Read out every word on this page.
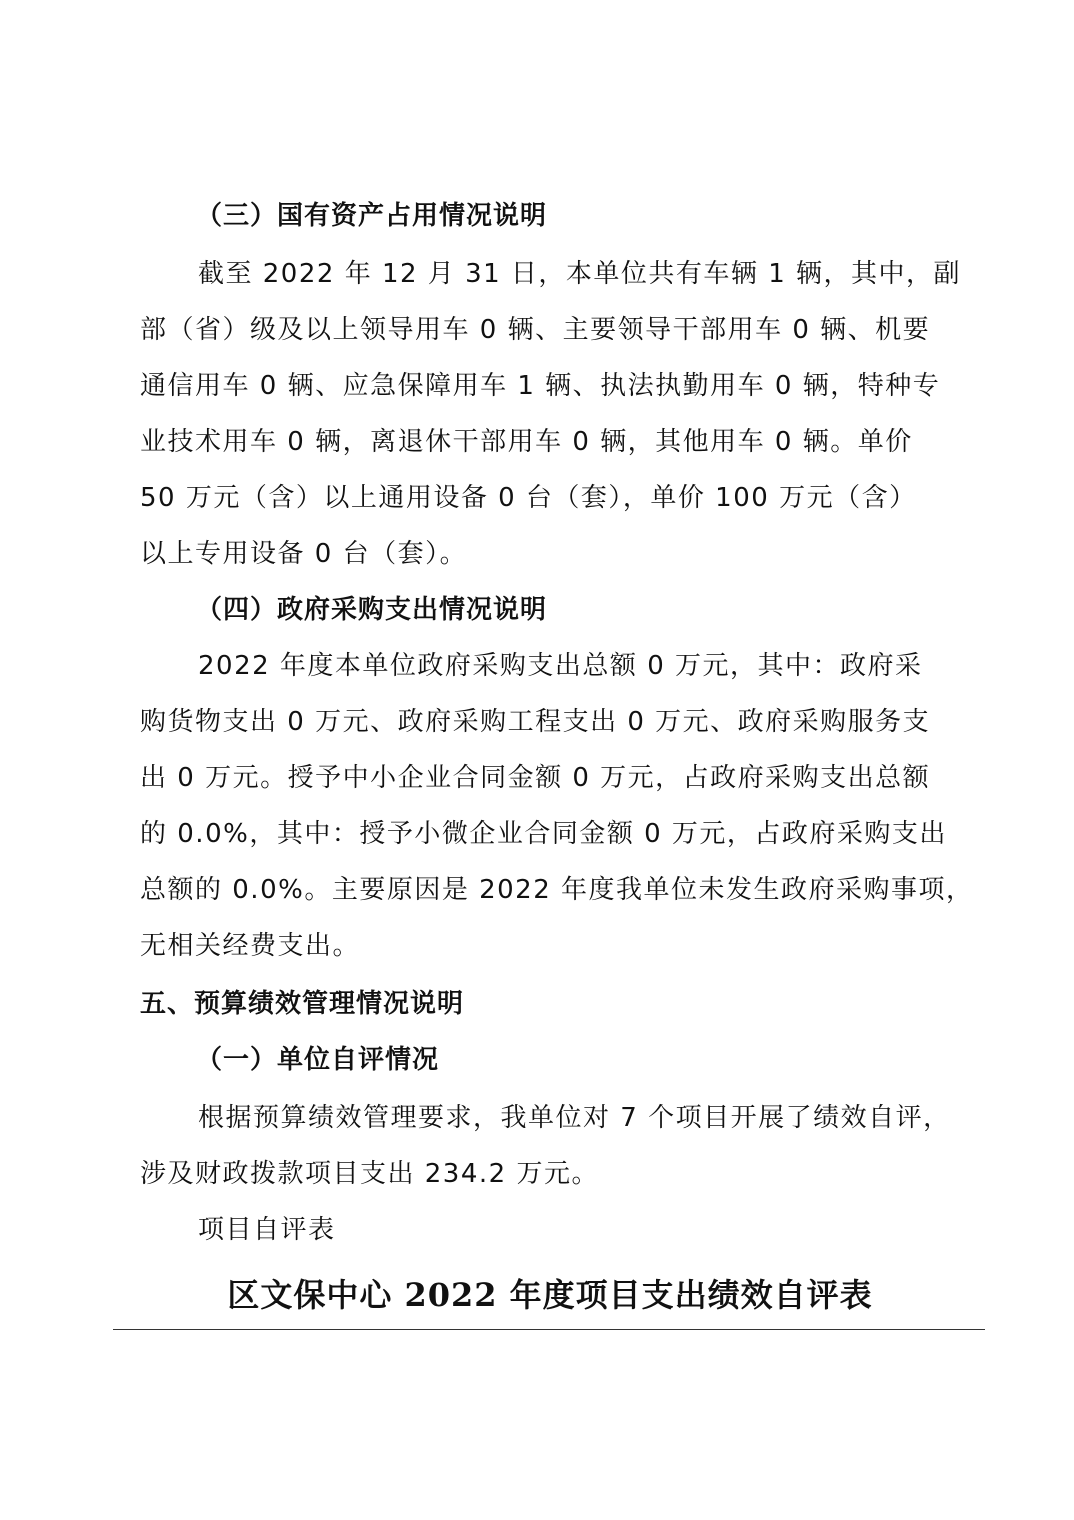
（三）国有资产占用情况说明

截至 2022 年 12 月 31 日，本单位共有车辆 1 辆，其中，副

部（省）级及以上领导用车 0 辆、主要领导干部用车 0 辆、机要

通信用车 0 辆、应急保障用车 1 辆、执法执勤用车 0 辆，特种专

业技术用车 0 辆，离退休干部用车 0 辆，其他用车 0 辆。单价

50 万元（含）以上通用设备 0 台（套），单价 100 万元（含）

以上专用设备 0 台（套）。

（四）政府采购支出情况说明

2022 年度本单位政府采购支出总额 0 万元，其中：政府采

购货物支出 0 万元、政府采购工程支出 0 万元、政府采购服务支

出 0 万元。授予中小企业合同金额 0 万元，占政府采购支出总额

的 0.0%，其中：授予小微企业合同金额 0 万元，占政府采购支出

总额的 0.0%。主要原因是 2022 年度我单位未发生政府采购事项，

无相关经费支出。

五、预算绩效管理情况说明

（一）单位自评情况

根据预算绩效管理要求，我单位对 7 个项目开展了绩效自评，

涉及财政拨款项目支出 234.2 万元。

项目自评表

区文保中心 2022 年度项目支出绩效自评表
